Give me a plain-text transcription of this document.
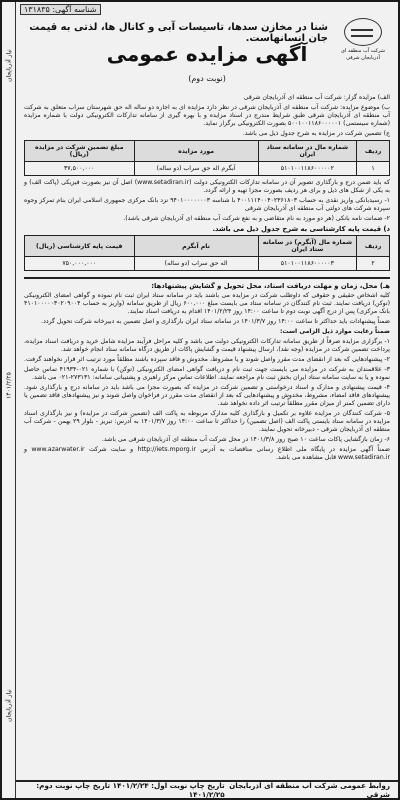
نیاز آذربایجان
۱۴۰۱/۲/۲۵
نیاز آذربایجان
شناسه آگهی: ۱۳۱۸۳۵
شرکت آب منطقه ای آذربایجان شرقی
شنا در مخازن سدها، تاسیسات آبی و کانال ها، لذتی به قیمت جان انسانهاست.
آگهی مزایده عمومی
(نوبت دوم)

الف) مزایده گزار: شرکت آب منطقه ای آذربایجان شرقی

ب) موضوع مزایده: شرکت آب منطقه ای آذربایجان شرقی در نظر دارد مزایده ای به اجاره دو ساله اله حق شهرستان سراب متعلق به شرکت آب منطقه ای آذربایجان شرقی طبق شرایط مندرج در اسناد مزایده و با بهره گیری از سامانه تدارکات الکترونیکی دولت با شماره مزایده (شماره سیستمی) ۵۰۰۱۰۰۱۱۸۶۰۰۰۰۰۱ بصورت الکترونیکی برگزار نماید.

ج) تضمین شرکت در مزایده به شرح جدول ذیل می باشد.

ردیف	شماره مال در سامانه ستاد ایران	مورد مزایده	مبلغ تضمین شرکت در مزایده (ریال)
۱	۵۱۰۱۰۰۱۱۸۶۰۰۰۰۰۲	آبگرم اله حق سراب (دو ساله)	۳۷,۵۰۰,۰۰۰

که باید ضمن درج و بارگذاری تصویر آن در سامانه تدارکات الکترونیکی دولت (www.setadiran.ir) اصل آن نیز بصورت فیزیکی (پاکت الف) و به یکی از شکل های ذیل و برای هر ردیف بصورت مجزا تهیه و ارائه گردد.

۱- رسیدبانکی واریز نقدی به حساب ۴۰۰۱۱۱۴۰۰۴۰۲۳۶۱۸۰۳ با شناسه ۹۴۰۱۰۰۰۰۰۰۰۳ نزد بانک مرکزی جمهوری اسلامی ایران بنام تمرکز وجوه سپرده شرکت های دولتی آب منطقه ای آذربایجان شرقی

۲- ضمانت نامه بانکی (هر دو مورد به نام متقاضی و به نفع شرکت آب منطقه ای آذربایجان شرقی باشد).

د) قیمت پایه کارشناسی به شرح جدول ذیل می باشد.
ردیف	شماره مال (آبگرم) در سامانه ستاد ایران	نام آبگرم	قیمت پایه کارشناسی (ریال)
۲	۵۱۰۱۰۰۱۱۸۶۰۰۰۰۰۳	اله حق سراب (دو ساله)	۷۵۰,۰۰۰,۰۰۰
هـ) محل، زمان و مهلت دریافت اسناد، محل تحویل و گشایش پیشنهادها:

کلیه اشخاص حقیقی و حقوقی که داوطلب شرکت در مزایده می باشند باید در سامانه ستاد ایران ثبت نام نموده و گواهی امضای الکترونیکی (توکن) دریافت نمایند. ثبت نام کنندگان در سامانه ستاد می بایست مبلغ ۶۰۰,۰۰۰ ریال از طریق سامانه (واریز به حساب ۴۱۰۱۰۰۰۰۰۳۰۲۰۹۰۰۴ بانک مرکزی) پس از درج آگهی نوبت دوم تا ساعت ۱۴:۰۰ روز ۱۴۰۱/۲/۲۴ اقدام به دریافت اسناد نمایند.

ضمناً پیشنهادات باید حداکثر تا ساعت ۱۴:۰۰ روز ۱۴۰۱/۳/۷ در سامانه ستاد ایران بارگذاری و اصل تضمین به دبیرخانه شرکت تحویل گردد.

ضمناً رعایت موارد ذیل الزامی است:

۱- برگزاری مزایده صرفاً از طریق سامانه تدارکات الکترونیکی دولت می باشد و کلیه مراحل فرآیند مزایده شامل خرید و دریافت اسناد مزایده، پرداخت تضمین شرکت در مزایده (وجه نقد)، ارسال پیشنهاد قیمت و گشایش پاکات از طریق درگاه سامانه ستاد انجام خواهد شد.

۲- پیشنهادهایی که بعد از انقضای مدت مقرر واصل شوند و یا مشروط، مخدوش و فاقد سپرده باشند مطلقاً مورد ترتیب اثر قرار نخواهند گرفت.

۳- علاقمندان به شرکت در مزایده می بایست جهت ثبت نام و دریافت گواهی امضای الکترونیکی (توکن) با شماره ۰۲۱-۴۱۹۳۴ تماس حاصل نموده و یا به سایت سامانه ستاد ایران بخش ثبت نام مراجعه نمایند. اطلاعات تماس مرکز راهبری و پشتیبانی سامانه: ۲۷۳۱۳۱-۰۲۱ می باشد.

۴- قیمت پیشنهادی و مدارک و اسناد درخواستی و تضمین شرکت در مزایده که بصورت مجزا می باشد باید در سامانه درج و بارگذاری شود. پیشنهادهای فاقد امضاء، مشروط، مخدوش و پیشنهادهایی که بعد از انقضای مدت مقرر در فراخوان واصل شوند و نیز پیشنهادهای فاقد تضمین یا دارای تضمین کمتر از میزان مقرر مطلقاً ترتیب اثر داده نخواهد شد.

۵- شرکت کنندگان در مزایده علاوه بر تکمیل و بارگذاری کلیه مدارک مربوطه به پاکت الف (تضمین شرکت در مزایده) و نیز بارگذاری اسناد مزایده در سامانه ستاد بایستی پاکت الف (اصل تضمین) را حداکثر تا ساعت ۱۴:۰۰ روز ۱۴۰۱/۳/۷ به آدرس: تبریز - بلوار ۲۹ بهمن - شرکت آب منطقه ای آذربایجان شرقی - دبیرخانه تحویل نمایند.

۶- زمان بازگشایی پاکات ساعت ۱۰ صبح روز ۱۴۰۱/۳/۸ در محل شرکت آب منطقه ای آذربایجان شرقی می باشد.

ضمناً آگهی مزایده در پایگاه ملی اطلاع رسانی مناقصات به آدرس http://iets.mporg.ir و سایت شرکت www.azarwater.ir و www.setadiran.ir قابل مشاهده می باشد.

روابط عمومی شرکت آب منطقه ای آذربایجان شرقی
تاریخ چاپ نوبت اول: ۱۴۰۱/۲/۲۴ تاریخ چاپ نوبت دوم: ۱۴۰۱/۲/۲۵
